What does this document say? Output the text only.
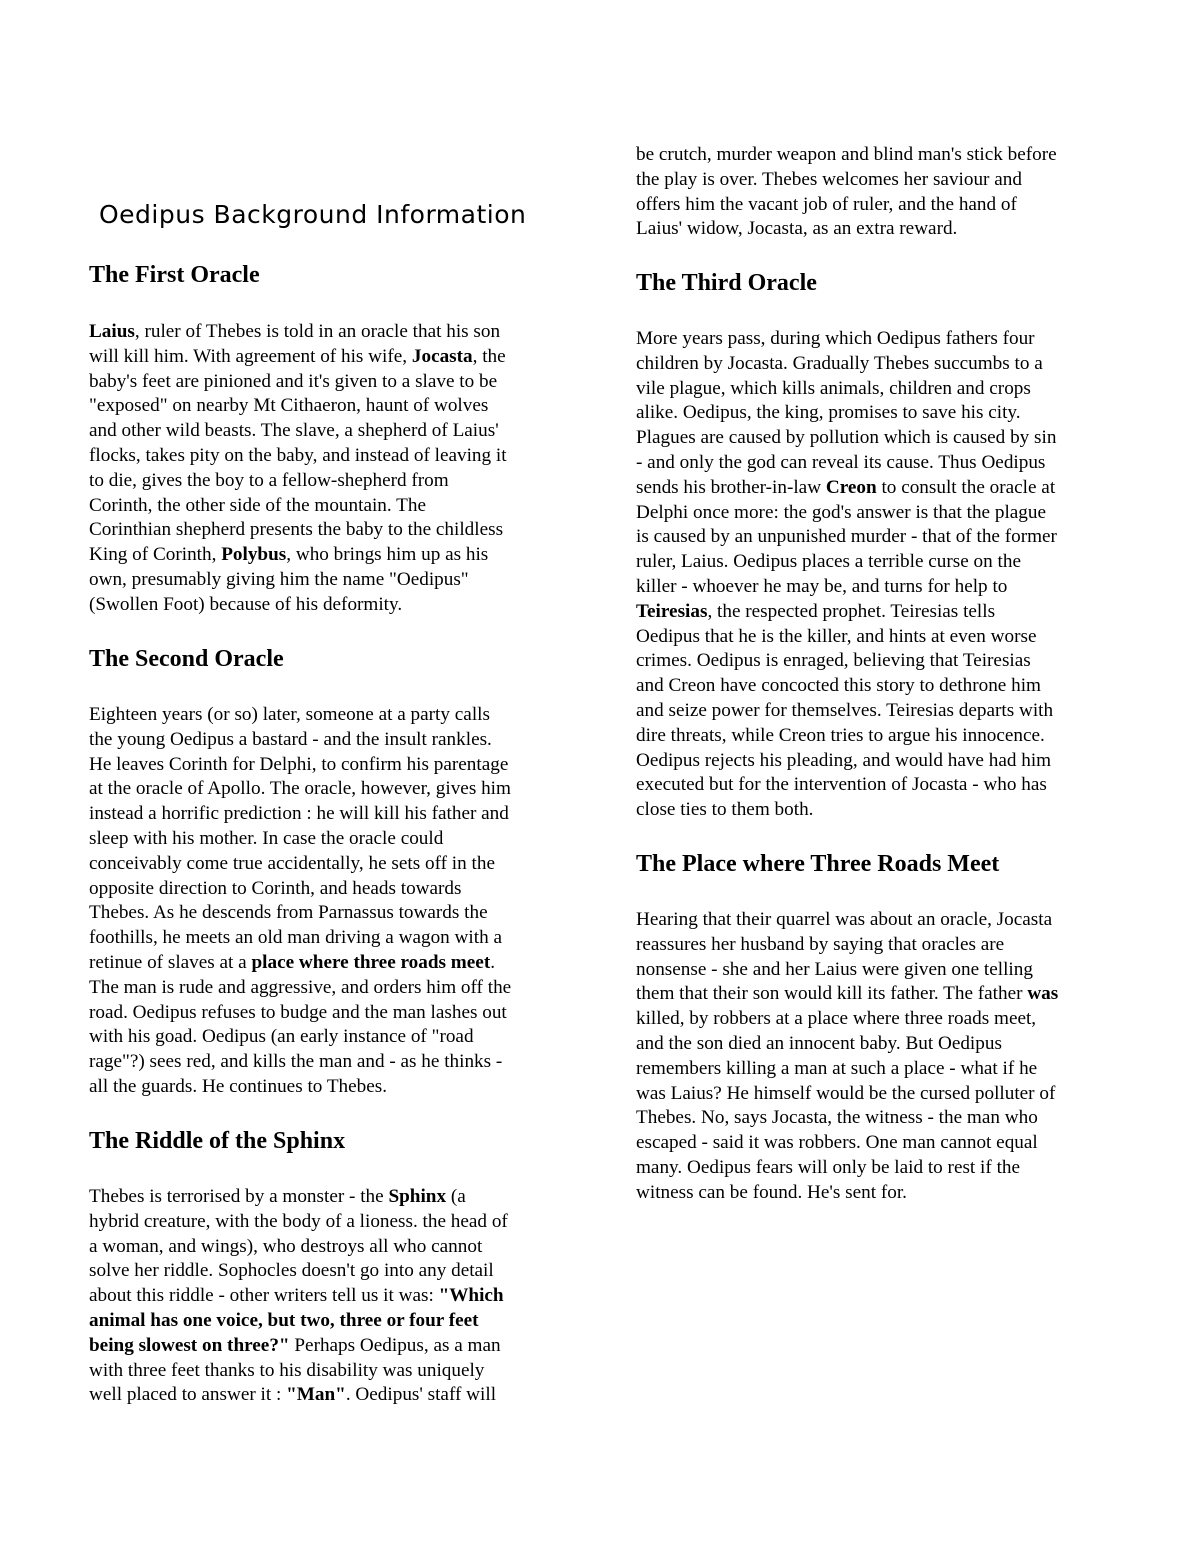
Oedipus Background Information
The First Oracle
Laius, ruler of Thebes is told in an oracle that his son
will kill him. With agreement of his wife, Jocasta, the
baby's feet are pinioned and it's given to a slave to be
"exposed" on nearby Mt Cithaeron, haunt of wolves
and other wild beasts. The slave, a shepherd of Laius'
flocks, takes pity on the baby, and instead of leaving it
to die, gives the boy to a fellow-shepherd from
Corinth, the other side of the mountain. The
Corinthian shepherd presents the baby to the childless
King of Corinth, Polybus, who brings him up as his
own, presumably giving him the name "Oedipus"
(Swollen Foot) because of his deformity.
The Second Oracle
Eighteen years (or so) later, someone at a party calls
the young Oedipus a bastard - and the insult rankles.
He leaves Corinth for Delphi, to confirm his parentage
at the oracle of Apollo. The oracle, however, gives him
instead a horrific prediction : he will kill his father and
sleep with his mother. In case the oracle could
conceivably come true accidentally, he sets off in the
opposite direction to Corinth, and heads towards
Thebes. As he descends from Parnassus towards the
foothills, he meets an old man driving a wagon with a
retinue of slaves at a place where three roads meet.
The man is rude and aggressive, and orders him off the
road. Oedipus refuses to budge and the man lashes out
with his goad. Oedipus (an early instance of "road
rage"?) sees red, and kills the man and - as he thinks -
all the guards. He continues to Thebes.
The Riddle of the Sphinx
Thebes is terrorised by a monster - the Sphinx (a
hybrid creature, with the body of a lioness. the head of
a woman, and wings), who destroys all who cannot
solve her riddle. Sophocles doesn't go into any detail
about this riddle - other writers tell us it was: "Which
animal has one voice, but two, three or four feet
being slowest on three?" Perhaps Oedipus, as a man
with three feet thanks to his disability was uniquely
well placed to answer it : "Man". Oedipus' staff will
be crutch, murder weapon and blind man's stick before
the play is over. Thebes welcomes her saviour and
offers him the vacant job of ruler, and the hand of
Laius' widow, Jocasta, as an extra reward.
The Third Oracle
More years pass, during which Oedipus fathers four
children by Jocasta. Gradually Thebes succumbs to a
vile plague, which kills animals, children and crops
alike. Oedipus, the king, promises to save his city.
Plagues are caused by pollution which is caused by sin
- and only the god can reveal its cause. Thus Oedipus
sends his brother-in-law Creon to consult the oracle at
Delphi once more: the god's answer is that the plague
is caused by an unpunished murder - that of the former
ruler, Laius. Oedipus places a terrible curse on the
killer - whoever he may be, and turns for help to
Teiresias, the respected prophet. Teiresias tells
Oedipus that he is the killer, and hints at even worse
crimes. Oedipus is enraged, believing that Teiresias
and Creon have concocted this story to dethrone him
and seize power for themselves. Teiresias departs with
dire threats, while Creon tries to argue his innocence.
Oedipus rejects his pleading, and would have had him
executed but for the intervention of Jocasta - who has
close ties to them both.
The Place where Three Roads Meet
Hearing that their quarrel was about an oracle, Jocasta
reassures her husband by saying that oracles are
nonsense - she and her Laius were given one telling
them that their son would kill its father. The father was
killed, by robbers at a place where three roads meet,
and the son died an innocent baby. But Oedipus
remembers killing a man at such a place - what if he
was Laius? He himself would be the cursed polluter of
Thebes. No, says Jocasta, the witness - the man who
escaped - said it was robbers. One man cannot equal
many. Oedipus fears will only be laid to rest if the
witness can be found. He's sent for.
